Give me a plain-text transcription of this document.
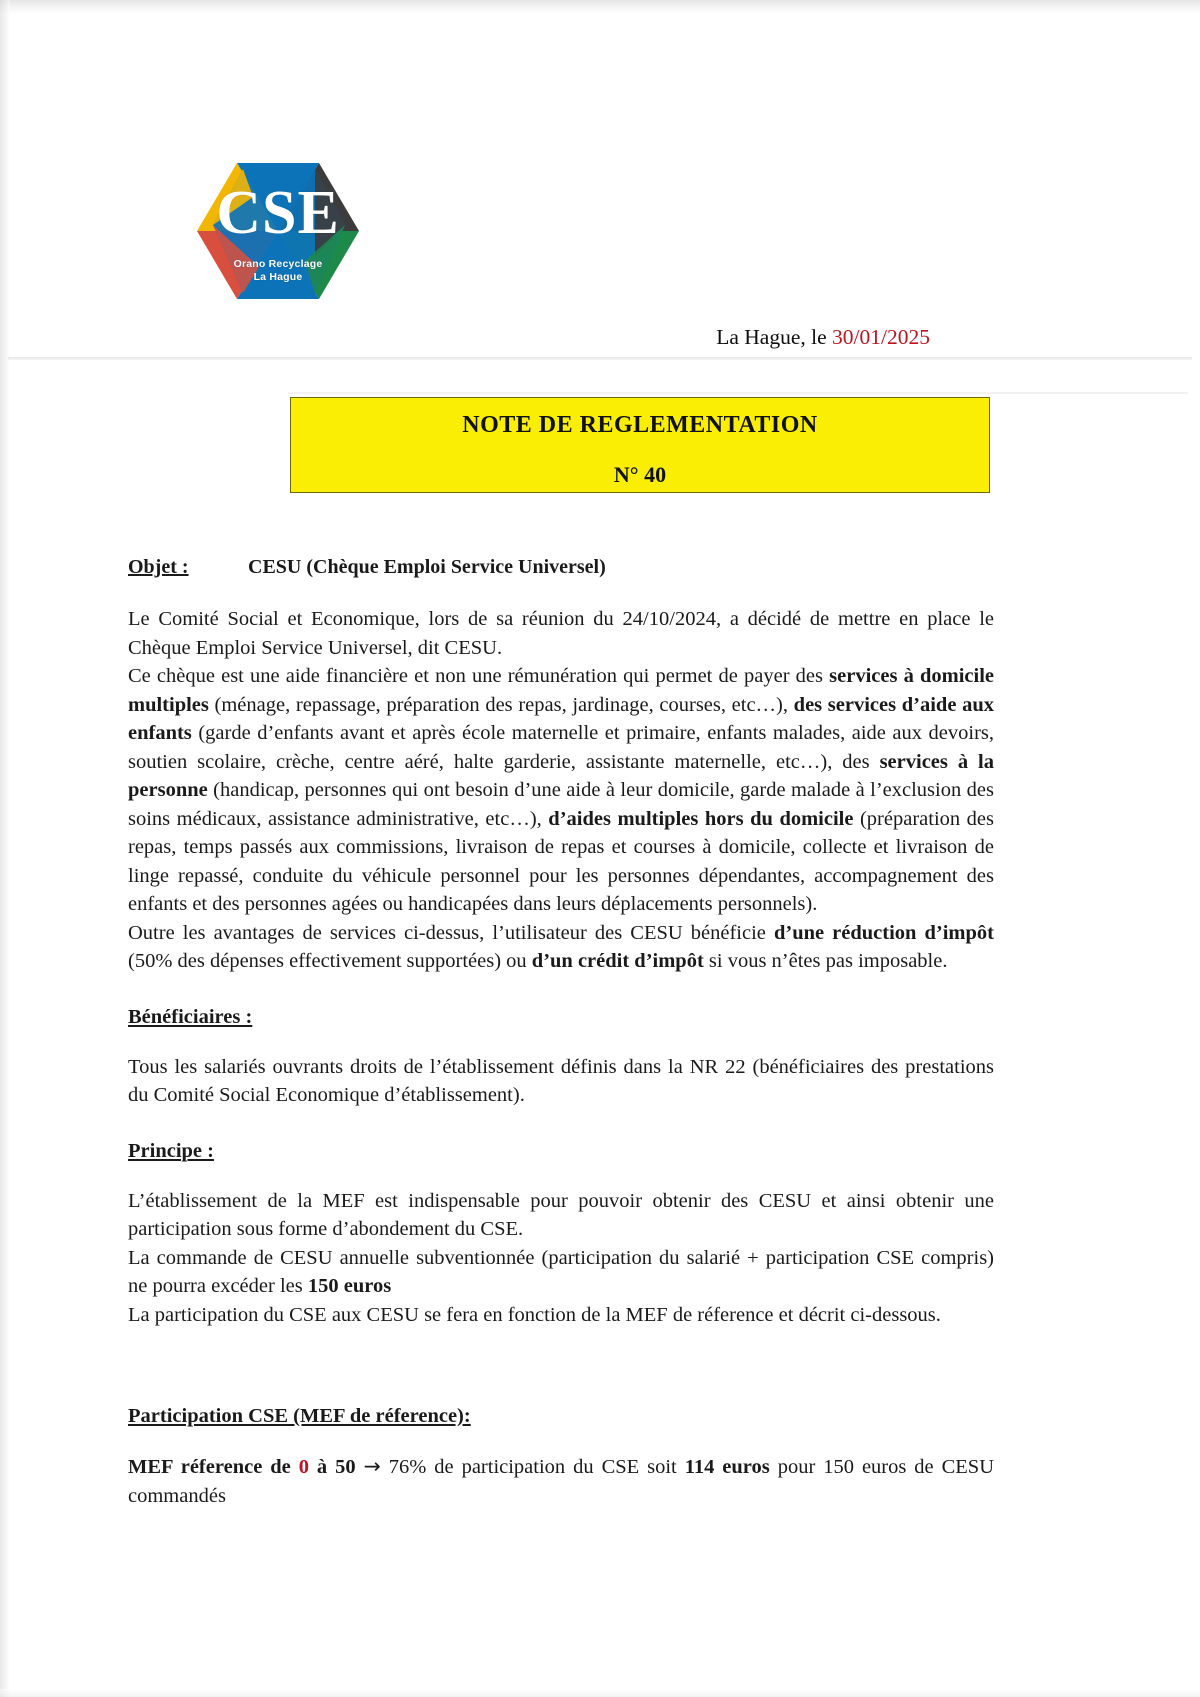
CSE
Orano Recyclage
La Hague
La Hague, le 30/01/2025
NOTE DE REGLEMENTATION
N° 40
Objet :	CESU (Chèque Emploi Service Universel)

Le Comité Social et Economique, lors de sa réunion du 24/10/2024, a décidé de mettre en place le Chèque Emploi Service Universel, dit CESU.

Ce chèque est une aide financière et non une rémunération qui permet de payer des services à domicile multiples (ménage, repassage, préparation des repas, jardinage, courses, etc…), des services d’aide aux enfants (garde d’enfants avant et après école maternelle et primaire, enfants malades, aide aux devoirs, soutien scolaire, crèche, centre aéré, halte garderie, assistante maternelle, etc…), des services à la personne (handicap, personnes qui ont besoin d’une aide à leur domicile, garde malade à l’exclusion des soins médicaux, assistance administrative, etc…), d’aides multiples hors du domicile (préparation des repas, temps passés aux commissions, livraison de repas et courses à domicile, collecte et livraison de linge repassé, conduite du véhicule personnel pour les personnes dépendantes, accompagnement des enfants et des personnes agées ou handicapées dans leurs déplacements personnels).

Outre les avantages de services ci-dessus, l’utilisateur des CESU bénéficie d’une réduction d’impôt (50% des dépenses effectivement supportées) ou d’un crédit d’impôt si vous n’êtes pas imposable.

Bénéficiaires :

Tous les salariés ouvrants droits de l’établissement définis dans la NR 22 (bénéficiaires des prestations du Comité Social Economique d’établissement).

Principe :

L’établissement de la MEF est indispensable pour pouvoir obtenir des CESU et ainsi obtenir une participation sous forme d’abondement du CSE.

La commande de CESU annuelle subventionnée (participation du salarié + participation CSE compris) ne pourra excéder les 150 euros

La participation du CSE aux CESU se fera en fonction de la MEF de réference et décrit ci-dessous.

Participation CSE (MEF de réference):

MEF réference de 0 à 50 → 76% de participation du CSE soit 114 euros pour 150 euros de CESU commandés
